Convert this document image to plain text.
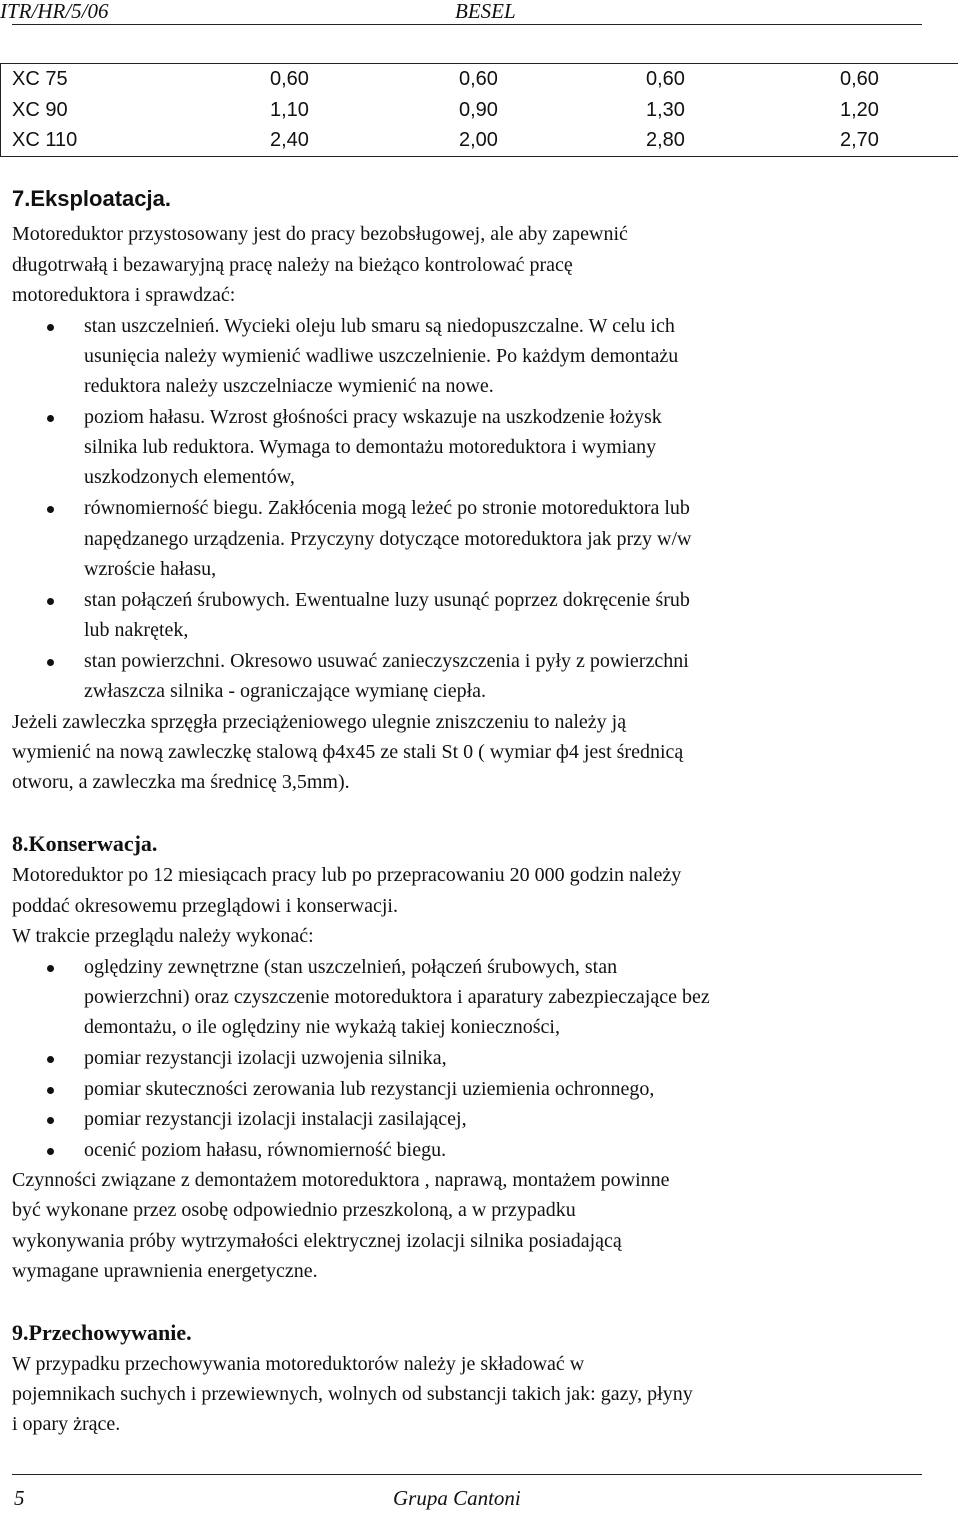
ITR/HR/5/06	BESEL
XC 75	0,60	0,60	0,60	0,60
XC 90	1,10	0,90	1,30	1,20
XC 110	2,40	2,00	2,80	2,70
7.Eksploatacja.
Motoreduktor przystosowany jest do pracy bezobsługowej, ale aby zapewnić
długotrwałą i bezawaryjną pracę należy na bieżąco kontrolować pracę
motoreduktora i sprawdzać:
stan uszczelnień. Wycieki oleju lub smaru są niedopuszczalne. W celu ich
usunięcia należy wymienić wadliwe uszczelnienie. Po każdym demontażu
reduktora należy uszczelniacze wymienić na nowe.
poziom hałasu. Wzrost głośności pracy wskazuje na uszkodzenie łożysk
silnika lub reduktora. Wymaga to demontażu motoreduktora i wymiany
uszkodzonych elementów,
równomierność biegu. Zakłócenia mogą leżeć po stronie motoreduktora lub
napędzanego urządzenia. Przyczyny dotyczące motoreduktora jak przy w/w
wzroście hałasu,
stan połączeń śrubowych. Ewentualne luzy usunąć poprzez dokręcenie śrub
lub nakrętek,
stan powierzchni. Okresowo usuwać zanieczyszczenia i pyły z powierzchni
zwłaszcza silnika - ograniczające wymianę ciepła.
Jeżeli zawleczka sprzęgła przeciążeniowego ulegnie zniszczeniu to należy ją
wymienić na nową zawleczkę stalową ф4x45 ze stali St 0 ( wymiar ф4 jest średnicą
otworu, a zawleczka ma średnicę 3,5mm).
8.Konserwacja.
Motoreduktor po 12 miesiącach pracy lub po przepracowaniu 20 000 godzin należy
poddać okresowemu przeglądowi i konserwacji.
W trakcie przeglądu należy wykonać:
oględziny zewnętrzne (stan uszczelnień, połączeń śrubowych, stan
powierzchni) oraz czyszczenie motoreduktora i aparatury zabezpieczające bez
demontażu, o ile oględziny nie wykażą takiej konieczności,
pomiar rezystancji izolacji uzwojenia silnika,
pomiar skuteczności zerowania lub rezystancji uziemienia ochronnego,
pomiar rezystancji izolacji instalacji zasilającej,
ocenić poziom hałasu, równomierność biegu.
Czynności związane z demontażem motoreduktora , naprawą, montażem powinne
być wykonane przez osobę odpowiednio przeszkoloną, a w przypadku
wykonywania próby wytrzymałości elektrycznej izolacji silnika posiadającą
wymagane uprawnienia energetyczne.
9.Przechowywanie.
W przypadku przechowywania motoreduktorów należy je składować w
pojemnikach suchych i przewiewnych, wolnych od substancji takich jak: gazy, płyny
i opary żrące.
5	Grupa Cantoni
